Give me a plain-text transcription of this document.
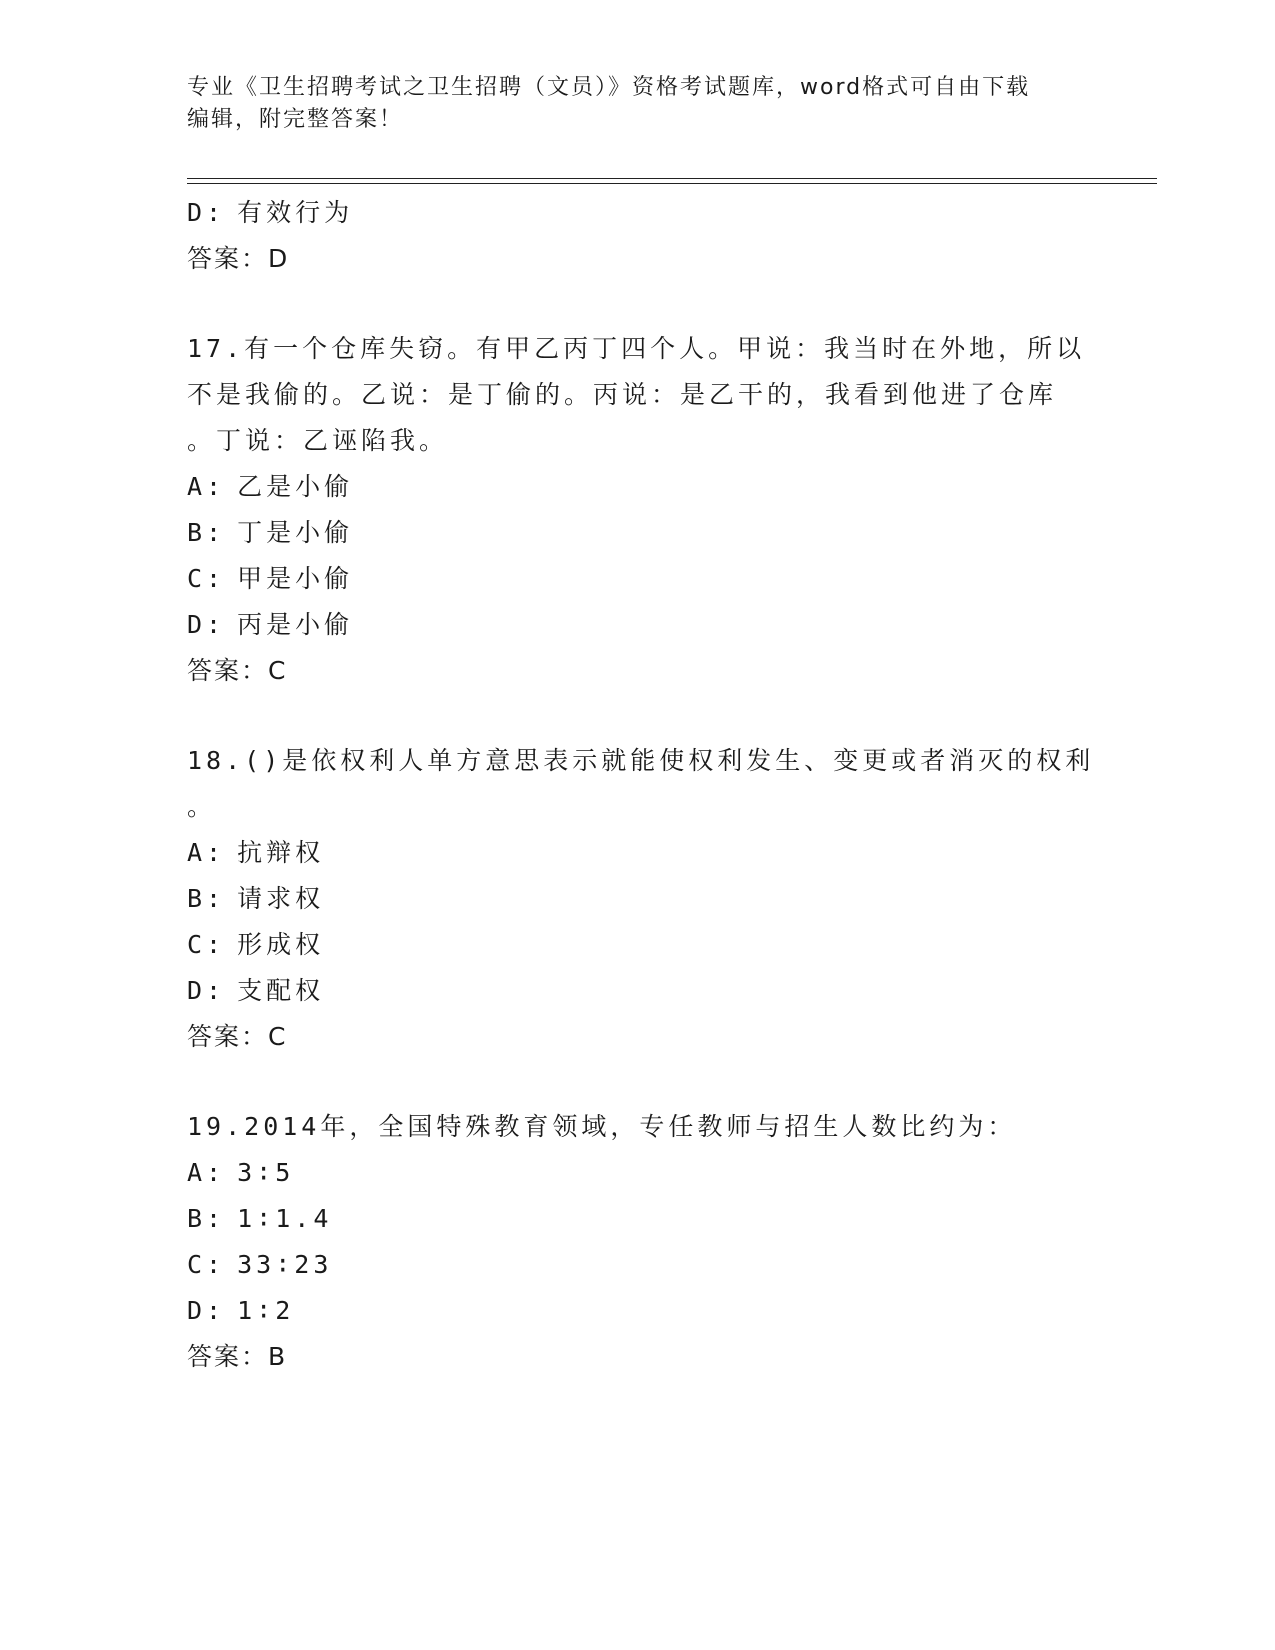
专业《卫生招聘考试之卫生招聘（文员）》资格考试题库，word格式可自由下载
编辑，附完整答案！
D: 有效行为
答案：D
17.有一个仓库失窃。有甲乙丙丁四个人。甲说：我当时在外地，所以
不是我偷的。乙说：是丁偷的。丙说：是乙干的，我看到他进了仓库
。丁说：乙诬陷我。
A: 乙是小偷
B: 丁是小偷
C: 甲是小偷
D: 丙是小偷
答案：C
18.()是依权利人单方意思表示就能使权利发生、变更或者消灭的权利
。
A: 抗辩权
B: 请求权
C: 形成权
D: 支配权
答案：C
19.2014年，全国特殊教育领域，专任教师与招生人数比约为：
A: 3∶5
B: 1∶1.4
C: 33∶23
D: 1∶2
答案：B
